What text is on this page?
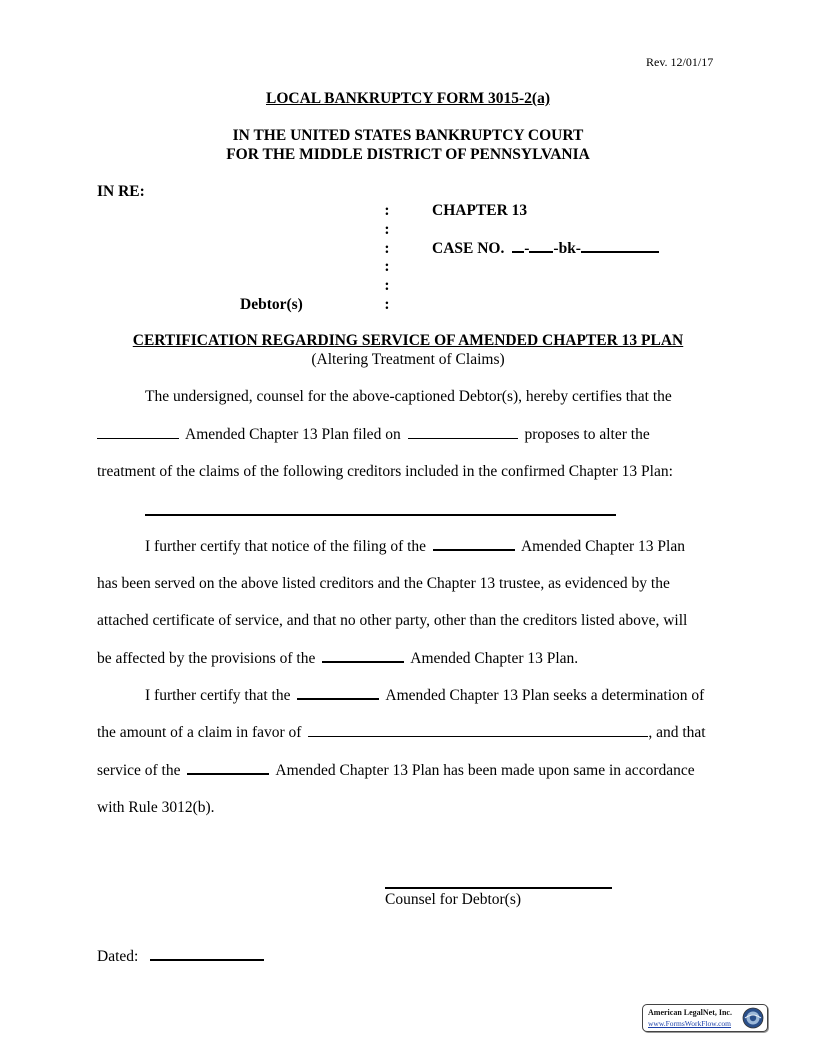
Rev. 12/01/17
LOCAL BANKRUPTCY FORM 3015-2(a)
IN THE UNITED STATES BANKRUPTCY COURT
FOR THE MIDDLE DISTRICT OF PENNSYLVANIA
IN RE:
:
:
:
:
:
:
CHAPTER 13
CASE NO. - -bk-
Debtor(s)
CERTIFICATION REGARDING SERVICE OF AMENDED CHAPTER 13 PLAN
(Altering Treatment of Claims)
The undersigned, counsel for the above-captioned Debtor(s), hereby certifies that the
Amended Chapter 13 Plan filed on	proposes to alter the
treatment of the claims of the following creditors included in the confirmed Chapter 13 Plan:
I further certify that notice of the filing of the	Amended Chapter 13 Plan
has been served on the above listed creditors and the Chapter 13 trustee, as evidenced by the
attached certificate of service, and that no other party, other than the creditors listed above, will
be affected by the provisions of the	Amended Chapter 13 Plan.
I further certify that the	Amended Chapter 13 Plan seeks a determination of
the amount of a claim in favor of	, and that
service of the	Amended Chapter 13 Plan has been made upon same in accordance
with Rule 3012(b).
Counsel for Debtor(s)
Dated:
American LegalNet, Inc.
www.FormsWorkFlow.com
